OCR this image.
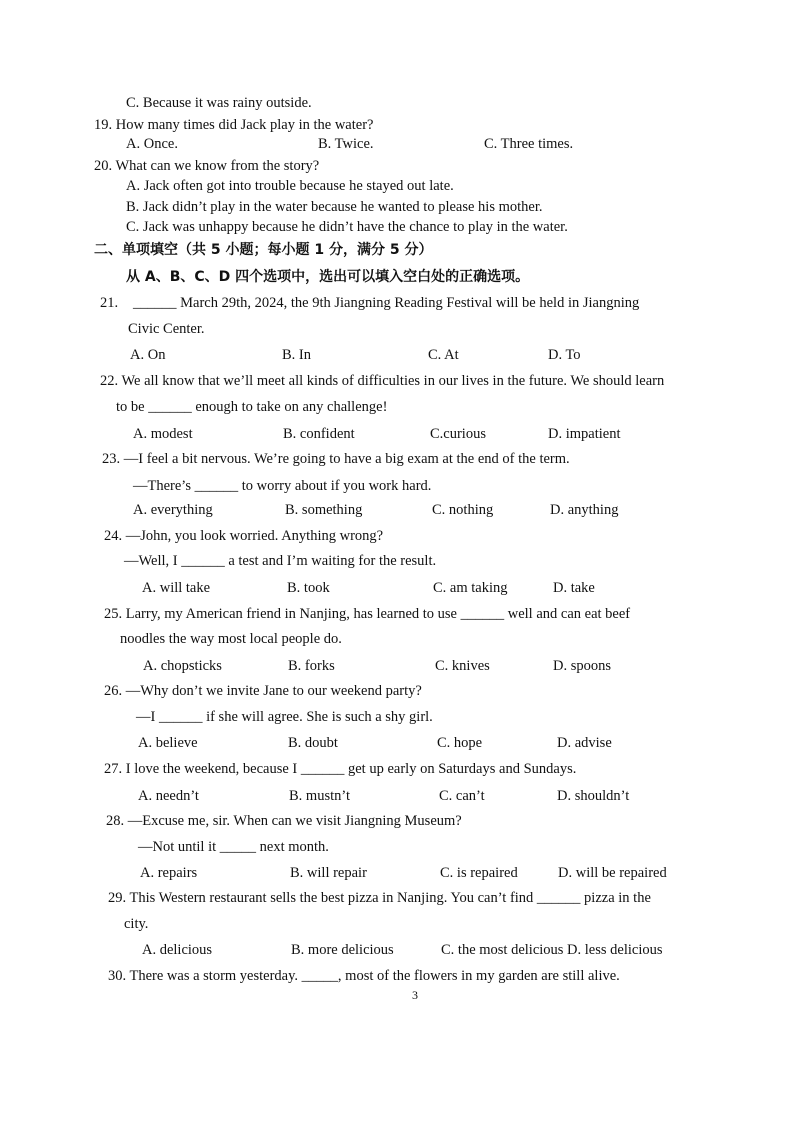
C. Because it was rainy outside.
19. How many times did Jack play in the water?
A. Once.	B. Twice.	C. Three times.
20. What can we know from the story?
A. Jack often got into trouble because he stayed out late.
B. Jack didn’t play in the water because he wanted to please his mother.
C. Jack was unhappy because he didn’t have the chance to play in the water.
二、单项填空（共 5 小题；每小题 1 分，满分 5 分）
从 A、B、C、D 四个选项中，选出可以填入空白处的正确选项。
21. ______ March 29th, 2024, the 9th Jiangning Reading Festival will be held in Jiangning
Civic Center.
A. On	B. In	C. At	D. To
22. We all know that we’ll meet all kinds of difficulties in our lives in the future. We should learn
to be ______ enough to take on any challenge!
A. modest	B. confident	C.curious	D. impatient
23. —I feel a bit nervous. We’re going to have a big exam at the end of the term.
—There’s ______ to worry about if you work hard.
A. everything	B. something	C. nothing	D. anything
24. —John, you look worried. Anything wrong?
—Well, I ______ a test and I’m waiting for the result.
A. will take	B. took	C. am taking	D. take
25. Larry, my American friend in Nanjing, has learned to use ______ well and can eat beef
noodles the way most local people do.
A. chopsticks	B. forks	C. knives	D. spoons
26. —Why don’t we invite Jane to our weekend party?
—I ______ if she will agree. She is such a shy girl.
A. believe	B. doubt	C. hope	D. advise
27. I love the weekend, because I ______ get up early on Saturdays and Sundays.
A. needn’t	B. mustn’t	C. can’t	D. shouldn’t
28. —Excuse me, sir. When can we visit Jiangning Museum?
—Not until it _____ next month.
A. repairs	B. will repair	C. is repaired	D. will be repaired
29. This Western restaurant sells the best pizza in Nanjing. You can’t find ______ pizza in the
city.
A. delicious	B. more delicious	C. the most delicious D. less delicious
30. There was a storm yesterday. _____, most of the flowers in my garden are still alive.
3
